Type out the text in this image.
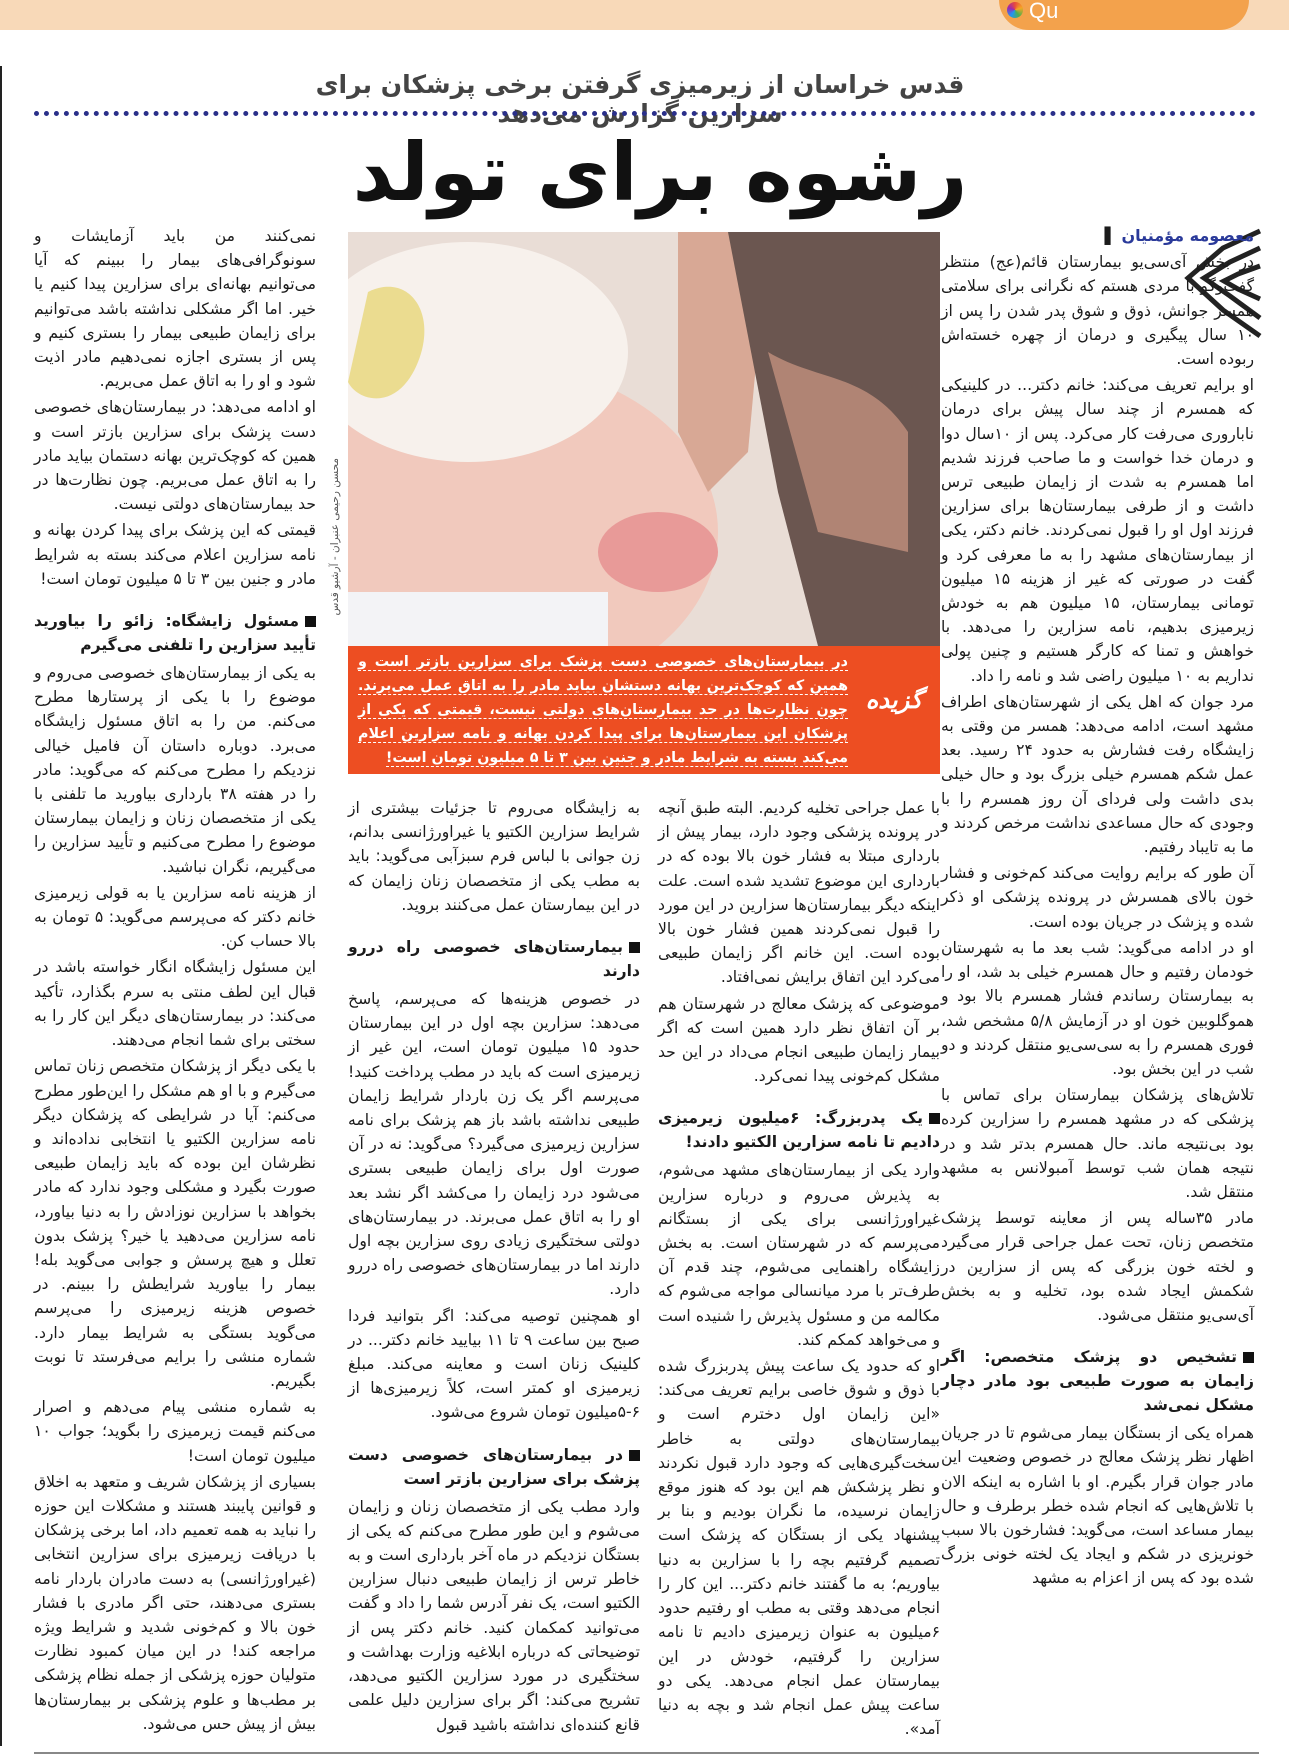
Qu
قدس خراسان از زیرمیزی گرفتن برخی پزشکان برای سزارین گزارش می‌دهد
رشوه برای تولد

معصومه مؤمنیان ▌

در بخش آی‌سی‌یو بیمارستان قائم(عج) منتظر گفت‌وگو با مردی هستم که نگرانی برای سلامتی همسر جوانش، ذوق و شوق پدر شدن را پس از ۱۰ سال پیگیری و درمان از چهره خسته‌اش ربوده است.

او برایم تعریف می‌کند: خانم دکتر... در کلینیکی که همسرم از چند سال پیش برای درمان ناباروری می‌رفت کار می‌کرد. پس از ۱۰سال دوا و درمان خدا خواست و ما صاحب فرزند شدیم اما همسرم به شدت از زایمان طبیعی ترس داشت و از طرفی بیمارستان‌ها برای سزارین فرزند اول او را قبول نمی‌کردند. خانم دکتر، یکی از بیمارستان‌های مشهد را به ما معرفی کرد و گفت در صورتی که غیر از هزینه ۱۵ میلیون تومانی بیمارستان، ۱۵ میلیون هم به خودش زیرمیزی بدهیم، نامه سزارین را می‌دهد. با خواهش و تمنا که کارگر هستیم و چنین پولی نداریم به ۱۰ میلیون راضی شد و نامه را داد.

مرد جوان که اهل یکی از شهرستان‌های اطراف مشهد است، ادامه می‌دهد: همسر من وقتی به زایشگاه رفت فشارش به حدود ۲۴ رسید. بعد عمل شکم همسرم خیلی بزرگ بود و حال خیلی بدی داشت ولی فردای آن روز همسرم را با وجودی که حال مساعدی نداشت مرخص کردند و ما به تایباد رفتیم.

آن طور که برایم روایت می‌کند کم‌خونی و فشار خون بالای همسرش در پرونده پزشکی او ذکر شده و پزشک در جریان بوده است.

او در ادامه می‌گوید: شب بعد ما به شهرستان خودمان رفتیم و حال همسرم خیلی بد شد، او را به بیمارستان رساندم فشار همسرم بالا بود و هموگلوبین خون او در آزمایش ۵/۸ مشخص شد، فوری همسرم را به سی‌سی‌یو منتقل کردند و دو شب در این بخش بود.

تلاش‌های پزشکان بیمارستان برای تماس با پزشکی که در مشهد همسرم را سزارین کرده بود بی‌نتیجه ماند. حال همسرم بدتر شد و در نتیجه همان شب توسط آمبولانس به مشهد منتقل شد.

مادر ۳۵ساله پس از معاینه توسط پزشک متخصص زنان، تحت عمل جراحی قرار می‌گیرد و لخته خون بزرگی که پس از سزارین در شکمش ایجاد شده بود، تخلیه و به بخش آی‌سی‌یو منتقل می‌شود.

تشخیص دو پزشک متخصص: اگر زایمان به صورت طبیعی بود مادر دچار مشکل نمی‌شد

همراه یکی از بستگان بیمار می‌شوم تا در جریان اظهار نظر پزشک معالج در خصوص وضعیت این مادر جوان قرار بگیرم. او با اشاره به اینکه الان با تلاش‌هایی که انجام شده خطر برطرف و حال بیمار مساعد است، می‌گوید: فشارخون بالا سبب خونریزی در شکم و ایجاد یک لخته خونی بزرگ شده بود که پس از اعزام به مشهد

محسن رحیمی عنبران - آرشیو قدس
در بیمارستان‌های خصوصی دست پزشک برای سزارین بازتر است و همین که کوچک‌ترین بهانه دستشان بیاید مادر را به اتاق عمل می‌برند. چون نظارت‌ها در حد بیمارستان‌های دولتی نیست، قیمتی که یکی از پزشکان این بیمارستان‌ها برای پیدا کردن بهانه و نامه سزارین اعلام می‌کند بسته به شرایط مادر و جنین بین ۳ تا ۵ میلیون تومان است!
گزیده

با عمل جراحی تخلیه کردیم. البته طبق آنچه در پرونده پزشکی وجود دارد، بیمار پیش از بارداری مبتلا به فشار خون بالا بوده که در بارداری این موضوع تشدید شده است. علت اینکه دیگر بیمارستان‌ها سزارین در این مورد را قبول نمی‌کردند همین فشار خون بالا بوده است. این خانم اگر زایمان طبیعی می‌کرد این اتفاق برایش نمی‌افتاد.

موضوعی که پزشک معالج در شهرستان هم بر آن اتفاق نظر دارد همین است که اگر بیمار زایمان طبیعی انجام می‌داد در این حد مشکل کم‌خونی پیدا نمی‌کرد.

یک پدربزرگ: ۶میلیون زیرمیزی دادیم تا نامه سزارین الکتیو دادند!

وارد یکی از بیمارستان‌های مشهد می‌شوم، به پذیرش می‌روم و درباره سزارین غیراورژانسی برای یکی از بستگانم می‌پرسم که در شهرستان است. به بخش زایشگاه راهنمایی می‌شوم، چند قدم آن طرف‌تر با مرد میانسالی مواجه می‌شوم که مکالمه من و مسئول پذیرش را شنیده است و می‌خواهد کمکم کند.

او که حدود یک ساعت پیش پدربزرگ شده با ذوق و شوق خاصی برایم تعریف می‌کند: «این زایمان اول دخترم است و بیمارستان‌های دولتی به خاطر سخت‌گیری‌هایی که وجود دارد قبول نکردند و نظر پزشکش هم این بود که هنوز موقع زایمان نرسیده، ما نگران بودیم و بنا بر پیشنهاد یکی از بستگان که پزشک است تصمیم گرفتیم بچه را با سزارین به دنیا بیاوریم؛ به ما گفتند خانم دکتر... این کار را انجام می‌دهد وقتی به مطب او رفتیم حدود ۶میلیون به عنوان زیرمیزی دادیم تا نامه سزارین را گرفتیم، خودش در این بیمارستان عمل انجام می‌دهد. یکی دو ساعت پیش عمل انجام شد و بچه به دنیا آمد».

به زایشگاه می‌روم تا جزئیات بیشتری از شرایط سزارین الکتیو یا غیراورژانسی بدانم، زن جوانی با لباس فرم سبزآبی می‌گوید: باید به مطب یکی از متخصصان زنان زایمان که در این بیمارستان عمل می‌کنند بروید.

بیمارستان‌های خصوصی راه دررو دارند

در خصوص هزینه‌ها که می‌پرسم، پاسخ می‌دهد: سزارین بچه اول در این بیمارستان حدود ۱۵ میلیون تومان است، این غیر از زیرمیزی است که باید در مطب پرداخت کنید! می‌پرسم اگر یک زن باردار شرایط زایمان طبیعی نداشته باشد باز هم پزشک برای نامه سزارین زیرمیزی می‌گیرد؟ می‌گوید: نه در آن صورت اول برای زایمان طبیعی بستری می‌شود درد زایمان را می‌کشد اگر نشد بعد او را به اتاق عمل می‌برند. در بیمارستان‌های دولتی سختگیری زیادی روی سزارین بچه اول دارند اما در بیمارستان‌های خصوصی راه دررو دارد.

او همچنین توصیه می‌کند: اگر بتوانید فردا صبح بین ساعت ۹ تا ۱۱ بیایید خانم دکتر... در کلینیک زنان است و معاینه می‌کند. مبلغ زیرمیزی او کمتر است، کلاً زیرمیزی‌ها از ۶-۵میلیون تومان شروع می‌شود.

در بیمارستان‌های خصوصی دست پزشک برای سزارین بازتر است

وارد مطب یکی از متخصصان زنان و زایمان می‌شوم و این طور مطرح می‌کنم که یکی از بستگان نزدیکم در ماه آخر بارداری است و به خاطر ترس از زایمان طبیعی دنبال سزارین الکتیو است، یک نفر آدرس شما را داد و گفت می‌توانید کمکمان کنید. خانم دکتر پس از توضیحاتی که درباره ابلاغیه وزارت بهداشت و سختگیری در مورد سزارین الکتیو می‌دهد، تشریح می‌کند: اگر برای سزارین دلیل علمی قانع کننده‌ای نداشته باشید قبول

نمی‌کنند من باید آزمایشات و سونوگرافی‌های بیمار را ببینم که آیا می‌توانیم بهانه‌ای برای سزارین پیدا کنیم یا خیر. اما اگر مشکلی نداشته باشد می‌توانیم برای زایمان طبیعی بیمار را بستری کنیم و پس از بستری اجازه نمی‌دهیم مادر اذیت شود و او را به اتاق عمل می‌بریم.

او ادامه می‌دهد: در بیمارستان‌های خصوصی دست پزشک برای سزارین بازتر است و همین که کوچک‌ترین بهانه دستمان بیاید مادر را به اتاق عمل می‌بریم. چون نظارت‌ها در حد بیمارستان‌های دولتی نیست.

قیمتی که این پزشک برای پیدا کردن بهانه و نامه سزارین اعلام می‌کند بسته به شرایط مادر و جنین بین ۳ تا ۵ میلیون تومان است!

مسئول زایشگاه: زائو را بیاورید تأیید سزارین را تلفنی می‌گیرم

به یکی از بیمارستان‌های خصوصی می‌روم و موضوع را با یکی از پرستارها مطرح می‌کنم. من را به اتاق مسئول زایشگاه می‌برد. دوباره داستان آن فامیل خیالی نزدیکم را مطرح می‌کنم که می‌گوید: مادر را در هفته ۳۸ بارداری بیاورید ما تلفنی با یکی از متخصصان زنان و زایمان بیمارستان موضوع را مطرح می‌کنیم و تأیید سزارین را می‌گیریم، نگران نباشید.

از هزینه نامه سزارین یا به قولی زیرمیزی خانم دکتر که می‌پرسم می‌گوید: ۵ تومان به بالا حساب کن.

این مسئول زایشگاه انگار خواسته باشد در قبال این لطف منتی به سرم بگذارد، تأکید می‌کند: در بیمارستان‌های دیگر این کار را به سختی برای شما انجام می‌دهند.

با یکی دیگر از پزشکان متخصص زنان تماس می‌گیرم و با او هم مشکل را این‌طور مطرح می‌کنم: آیا در شرایطی که پزشکان دیگر نامه سزارین الکتیو یا انتخابی نداده‌اند و نظرشان این بوده که باید زایمان طبیعی صورت بگیرد و مشکلی وجود ندارد که مادر بخواهد با سزارین نوزادش را به دنیا بیاورد، نامه سزارین می‌دهید یا خیر؟ پزشک بدون تعلل و هیچ پرسش و جوابی می‌گوید بله! بیمار را بیاورید شرایطش را ببینم. در خصوص هزینه زیرمیزی را می‌پرسم می‌گوید بستگی به شرایط بیمار دارد. شماره منشی را برایم می‌فرستد تا نوبت بگیریم.

به شماره منشی پیام می‌دهم و اصرار می‌کنم قیمت زیرمیزی را بگوید؛ جواب ۱۰ میلیون تومان است!

بسیاری از پزشکان شریف و متعهد به اخلاق و قوانین پایبند هستند و مشکلات این حوزه را نباید به همه تعمیم داد، اما برخی پزشکان با دریافت زیرمیزی برای سزارین انتخابی (غیراورژانسی) به دست مادران باردار نامه بستری می‌دهند، حتی اگر مادری با فشار خون بالا و کم‌خونی شدید و شرایط ویژه مراجعه کند! در این میان کمبود نظارت متولیان حوزه پزشکی از جمله نظام پزشکی بر مطب‌ها و علوم پزشکی بر بیمارستان‌ها بیش از پیش حس می‌شود.
